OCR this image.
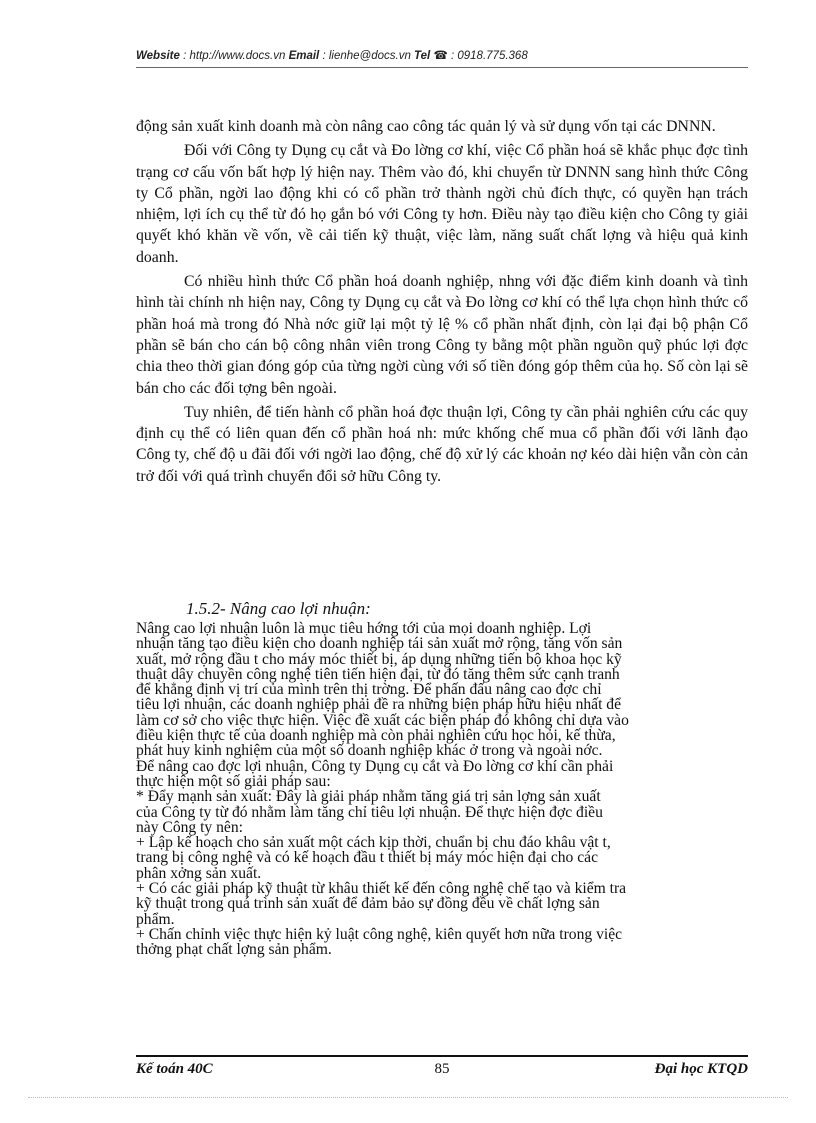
Website : http://www.docs.vn Email : lienhe@docs.vn Tel ☎ : 0918.775.368

động sản xuất kinh doanh mà còn nâng cao công tác quản lý và sử dụng vốn tại các DNNN.

Đối với Công ty Dụng cụ cắt và Đo lờng cơ khí, việc Cổ phần hoá sẽ khắc phục đợc tình trạng cơ cấu vốn bất hợp lý hiện nay. Thêm vào đó, khi chuyển từ DNNN sang hình thức Công ty Cổ phần, ngời lao động khi có cổ phần trở thành ngời chủ đích thực, có quyền hạn trách nhiệm, lợi ích cụ thể từ đó họ gắn bó với Công ty hơn. Điều này tạo điều kiện cho Công ty giải quyết khó khăn về vốn, về cải tiến kỹ thuật, việc làm, năng suất chất lợng và hiệu quả kinh doanh.

Có nhiều hình thức Cổ phần hoá doanh nghiệp, nhng với đặc điểm kinh doanh và tình hình tài chính nh hiện nay, Công ty Dụng cụ cắt và Đo lờng cơ khí có thể lựa chọn hình thức cổ phần hoá mà trong đó Nhà nớc giữ lại một tỷ lệ % cổ phần nhất định, còn lại đại bộ phận Cổ phần sẽ bán cho cán bộ công nhân viên trong Công ty bằng một phần nguồn quỹ phúc lợi đợc chia theo thời gian đóng góp của từng ngời cùng với số tiền đóng góp thêm của họ. Số còn lại sẽ bán cho các đối tợng bên ngoài.

Tuy nhiên, để tiến hành cổ phần hoá đợc thuận lợi, Công ty cần phải nghiên cứu các quy định cụ thể có liên quan đến cổ phần hoá nh: mức khống chế mua cổ phần đối với lãnh đạo Công ty, chế độ u đãi đối với ngời lao động, chế độ xử lý các khoản nợ kéo dài hiện vẫn còn cản trở đối với quá trình chuyển đổi sở hữu Công ty.

1.5.2- Nâng cao lợi nhuận:
Nâng cao lợi nhuận luôn là mục tiêu hớng tới của mọi doanh nghiệp. Lợi
nhuận tăng tạo điều kiện cho doanh nghiệp tái sản xuất mở rộng, tăng vốn sản
xuất, mở rộng đầu t cho máy móc thiết bị, áp dụng những tiến bộ khoa học kỹ
thuật dây chuyền công nghệ tiên tiến hiện đại, từ đó tăng thêm sức cạnh tranh
để khẳng định vị trí của mình trên thị trờng. Để phấn đấu nâng cao đợc chỉ
tiêu lợi nhuận, các doanh nghiệp phải đề ra những biện pháp hữu hiệu nhất để
làm cơ sở cho việc thực hiện. Việc đề xuất các biện pháp đó không chỉ dựa vào
điều kiện thực tế của doanh nghiệp mà còn phải nghiên cứu học hỏi, kế thừa,
phát huy kinh nghiệm của một số doanh nghiệp khác ở trong và ngoài nớc.
Để nâng cao đợc lợi nhuận, Công ty Dụng cụ cắt và Đo lờng cơ khí cần phải
thực hiện một số giải pháp sau:
* Đẩy mạnh sản xuất: Đây là giải pháp nhằm tăng giá trị sản lợng sản xuất
của Công ty từ đó nhằm làm tăng chỉ tiêu lợi nhuận. Để thực hiện đợc điều
này Công ty nên:
+ Lập kế hoạch cho sản xuất một cách kịp thời, chuẩn bị chu đáo khâu vật t,
trang bị công nghệ và có kế hoạch đầu t thiết bị máy móc hiện đại cho các
phân xởng sản xuất.
+ Có các giải pháp kỹ thuật từ khâu thiết kế đến công nghệ chế tạo và kiểm tra
kỹ thuật trong quá trình sản xuất để đảm bảo sự đồng đều về chất lợng sản
phẩm.
+ Chấn chỉnh việc thực hiện kỷ luật công nghệ, kiên quyết hơn nữa trong việc
thởng phạt chất lợng sản phẩm.
Kế toán 40C	85	Đại học KTQD
